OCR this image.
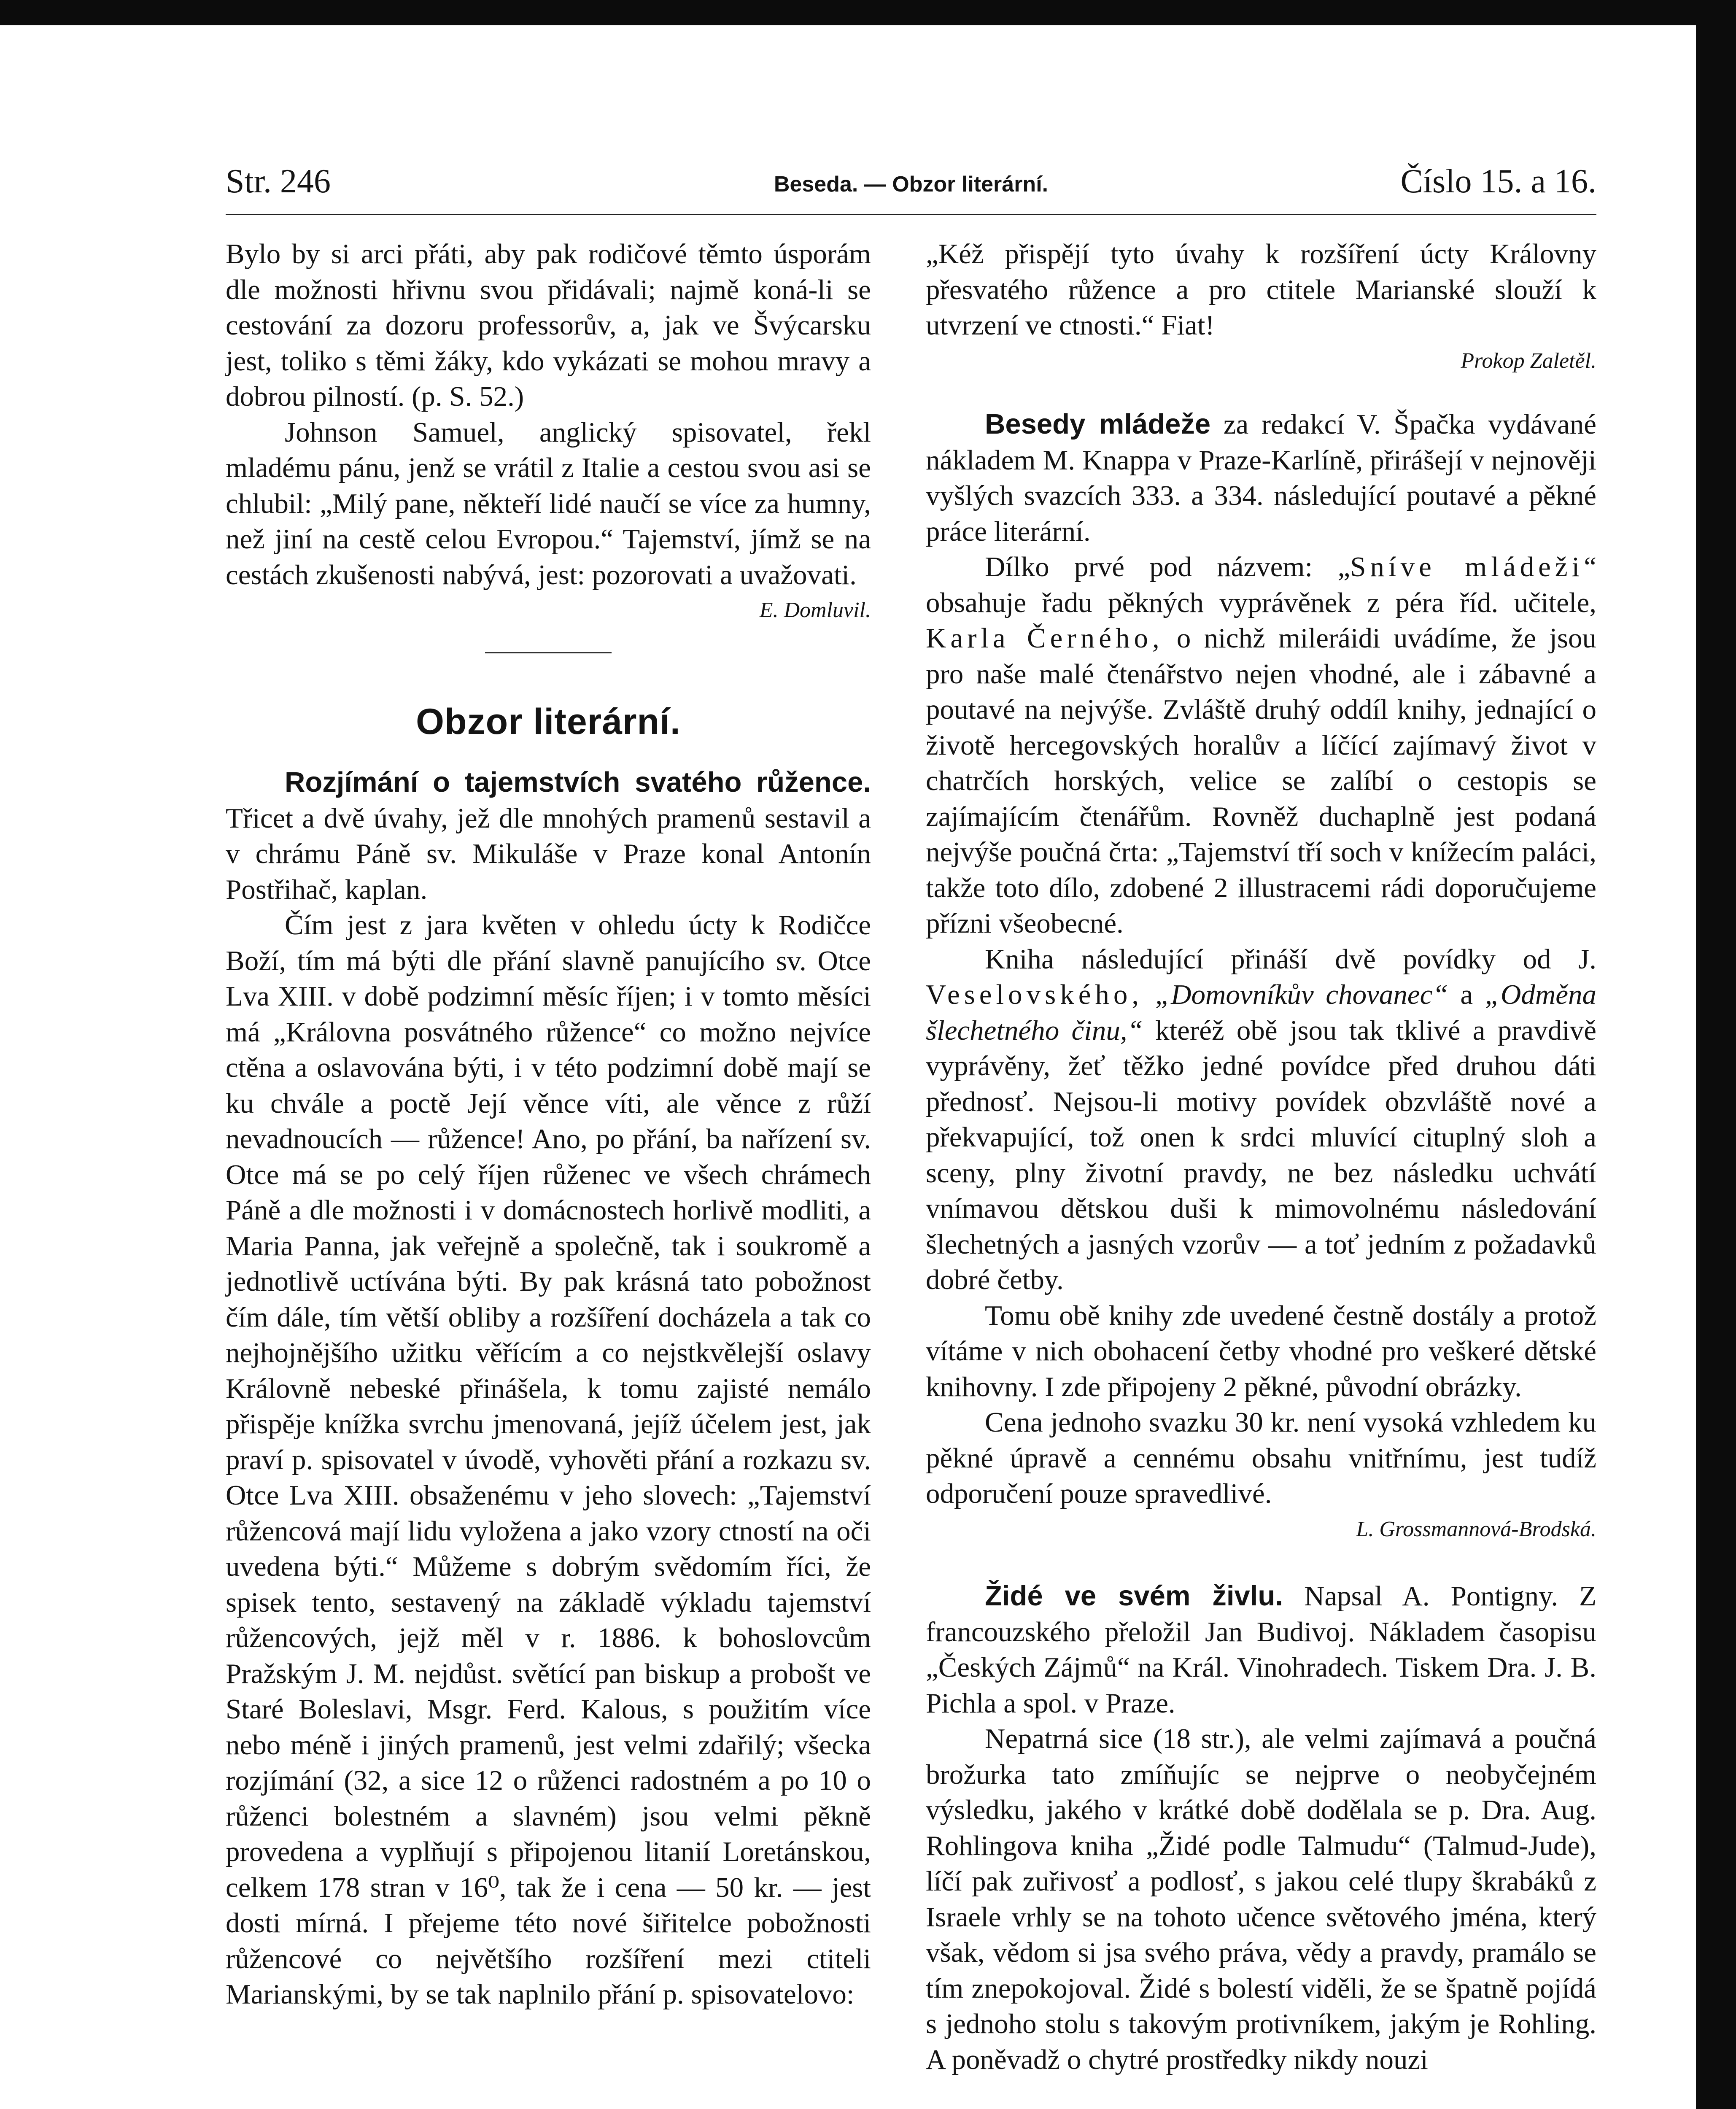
Str. 246	Beseda. — Obzor literární.	Číslo 15. a 16.

Bylo by si arci přáti, aby pak rodičové těmto úsporám dle možnosti hřivnu svou přidávali; najmě koná-li se cestování za dozoru professorův, a, jak ve Švýcarsku jest, toliko s těmi žáky, kdo vykázati se mohou mravy a dobrou pilností. (p. S. 52.)

Johnson Samuel, anglický spisovatel, řekl mladému pánu, jenž se vrátil z Italie a cestou svou asi se chlubil: „Milý pane, někteří lidé naučí se více za humny, než jiní na cestě celou Evropou.“ Tajemství, jímž se na cestách zkušenosti nabývá, jest: pozorovati a uvažovati.

E. Domluvil.

Obzor literární.

Rozjímání o tajemstvích svatého růžence. Třicet a dvě úvahy, jež dle mnohých pramenů sestavil a v chrámu Páně sv. Mikuláše v Praze konal Antonín Postřihač, kaplan.

Čím jest z jara květen v ohledu úcty k Rodičce Boží, tím má býti dle přání slavně panujícího sv. Otce Lva XIII. v době podzimní měsíc říjen; i v tomto měsíci má „Královna posvátného růžence“ co možno nejvíce ctěna a oslavována býti, i v této podzimní době mají se ku chvále a poctě Její věnce víti, ale věnce z růží nevadnoucích — růžence! Ano, po přání, ba nařízení sv. Otce má se po celý říjen růženec ve všech chrámech Páně a dle možnosti i v domácnostech horlivě modliti, a Maria Panna, jak veřejně a společně, tak i soukromě a jednotlivě uctívána býti. By pak krásná tato pobožnost čím dále, tím větší obliby a rozšíření docházela a tak co nejhojnějšího užitku věřícím a co nejstkvělejší oslavy Královně nebeské přinášela, k tomu zajisté nemálo přispěje knížka svrchu jmenovaná, jejíž účelem jest, jak praví p. spisovatel v úvodě, vyhověti přání a rozkazu sv. Otce Lva XIII. obsaženému v jeho slovech: „Tajemství růžencová mají lidu vyložena a jako vzory ctností na oči uvedena býti.“ Můžeme s dobrým svědomím říci, že spisek tento, sestavený na základě výkladu tajemství růžencových, jejž měl v r. 1886. k bohoslovcům Pražským J. M. nejdůst. světící pan biskup a probošt ve Staré Boleslavi, Msgr. Ferd. Kalous, s použitím více nebo méně i jiných pramenů, jest velmi zdařilý; všecka rozjímání (32, a sice 12 o růženci radostném a po 10 o růženci bolestném a slavném) jsou velmi pěkně provedena a vyplňují s připojenou litanií Loretánskou, celkem 178 stran v 16⁰, tak že i cena — 50 kr. — jest dosti mírná. I přejeme této nové šiřitelce pobožnosti růžencové co největšího rozšíření mezi ctiteli Marianskými, by se tak naplnilo přání p. spisovatelovo:

„Kéž přispějí tyto úvahy k rozšíření úcty Královny přesvatého růžence a pro ctitele Marianské slouží k utvrzení ve ctnosti.“ Fiat!

Prokop Zaletěl.

Besedy mládeže za redakcí V. Špačka vydávané nákladem M. Knappa v Praze-Karlíně, přirášejí v nejnověji vyšlých svazcích 333. a 334. následující poutavé a pěkné práce literární.

Dílko prvé pod názvem: „Sníve mládeži“ obsahuje řadu pěkných vyprávěnek z péra říd. učitele, Karla Černého, o nichž mileráidi uvádíme, že jsou pro naše malé čtenářstvo nejen vhodné, ale i zábavné a poutavé na nejvýše. Zvláště druhý oddíl knihy, jednající o životě hercegovských horalův a líčící zajímavý život v chatrčích horských, velice se zalíbí o cestopis se zajímajícím čtenářům. Rovněž duchaplně jest podaná nejvýše poučná črta: „Tajemství tří soch v knížecím paláci, takže toto dílo, zdobené 2 illustracemi rádi doporučujeme přízni všeobecné.

Kniha následující přináší dvě povídky od J. Veselovského, „Domovníkův chovanec“ a „Odměna šlechetného činu,“ kteréž obě jsou tak tklivé a pravdivě vyprávěny, žeť těžko jedné povídce před druhou dáti přednosť. Nejsou-li motivy povídek obzvláště nové a překvapující, tož onen k srdci mluvící cituplný sloh a sceny, plny životní pravdy, ne bez následku uchvátí vnímavou dětskou duši k mimovolnému následování šlechetných a jasných vzorův — a toť jedním z požadavků dobré četby.

Tomu obě knihy zde uvedené čestně dostály a protož vítáme v nich obohacení četby vhodné pro veškeré dětské knihovny. I zde připojeny 2 pěkné, původní obrázky.

Cena jednoho svazku 30 kr. není vysoká vzhledem ku pěkné úpravě a cennému obsahu vnitřnímu, jest tudíž odporučení pouze spravedlivé.

L. Grossmannová-Brodská.

Židé ve svém živlu. Napsal A. Pontigny. Z francouzského přeložil Jan Budivoj. Nákladem časopisu „Českých Zájmů“ na Král. Vinohradech. Tiskem Dra. J. B. Pichla a spol. v Praze.

Nepatrná sice (18 str.), ale velmi zajímavá a poučná brožurka tato zmíňujíc se nejprve o neobyčejném výsledku, jakého v krátké době dodělala se p. Dra. Aug. Rohlingova kniha „Židé podle Talmudu“ (Talmud-Jude), líčí pak zuřivosť a podlosť, s jakou celé tlupy škrabáků z Israele vrhly se na tohoto učence světového jména, který však, vědom si jsa svého práva, vědy a pravdy, pramálo se tím znepokojoval. Židé s bolestí viděli, že se špatně pojídá s jednoho stolu s takovým protivníkem, jakým je Rohling. A poněvadž o chytré prostředky nikdy nouzi
